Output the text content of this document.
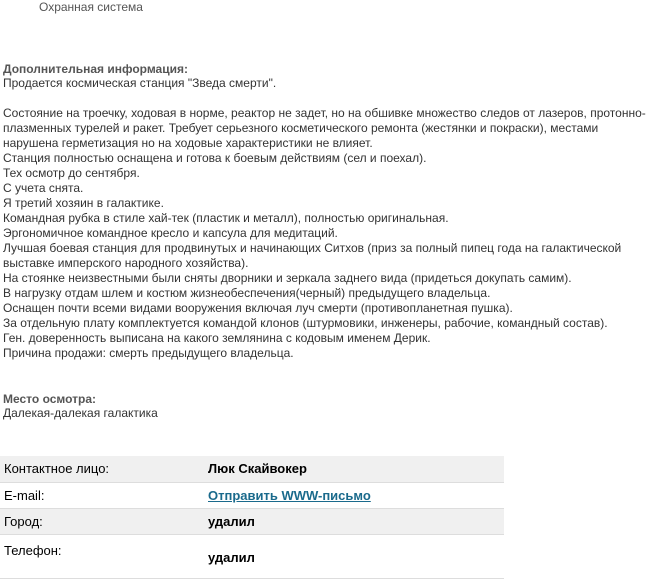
Охранная система
Дополнительная информация:
Продается космическая станция "Зведа смерти".
Состояние на троечку, ходовая в норме, реактор не задет, но на обшивке множество следов от лазеров, протонно-плазменных турелей и ракет. Требует серьезного косметического ремонта (жестянки и покраски), местами нарушена герметизация но на ходовые характеристики не влияет.
Станция полностью оснащена и готова к боевым действиям (сел и поехал).
Тех осмотр до сентября.
С учета снята.
Я третий хозяин в галактике.
Командная рубка в стиле хай-тек (пластик и металл), полностью оригинальная.
Эргономичное командное кресло и капсула для медитаций.
Лучшая боевая станция для продвинутых и начинающих Ситхов (приз за полный пипец года на галактической выставке имперского народного хозяйства).
На стоянке неизвестными были сняты дворники и зеркала заднего вида (придеться докупать самим).
В нагрузку отдам шлем и костюм жизнеобеспечения(черный) предыдущего владельца.
Оснащен почти всеми видами вооружения включая луч смерти (противопланетная пушка).
За отдельную плату комплектуется командой клонов (штурмовики, инженеры, рабочие, командный состав).
Ген. доверенность выписана на какого землянина с кодовым именем Дерик.
Причина продажи: смерть предыдущего владельца.
Место осмотра:
Далекая-далекая галактика
Контактное лицо:	Люк Скайвокер
E-mail:	Отправить WWW-письмо
Город:	удалил
Телефон:	удалил
